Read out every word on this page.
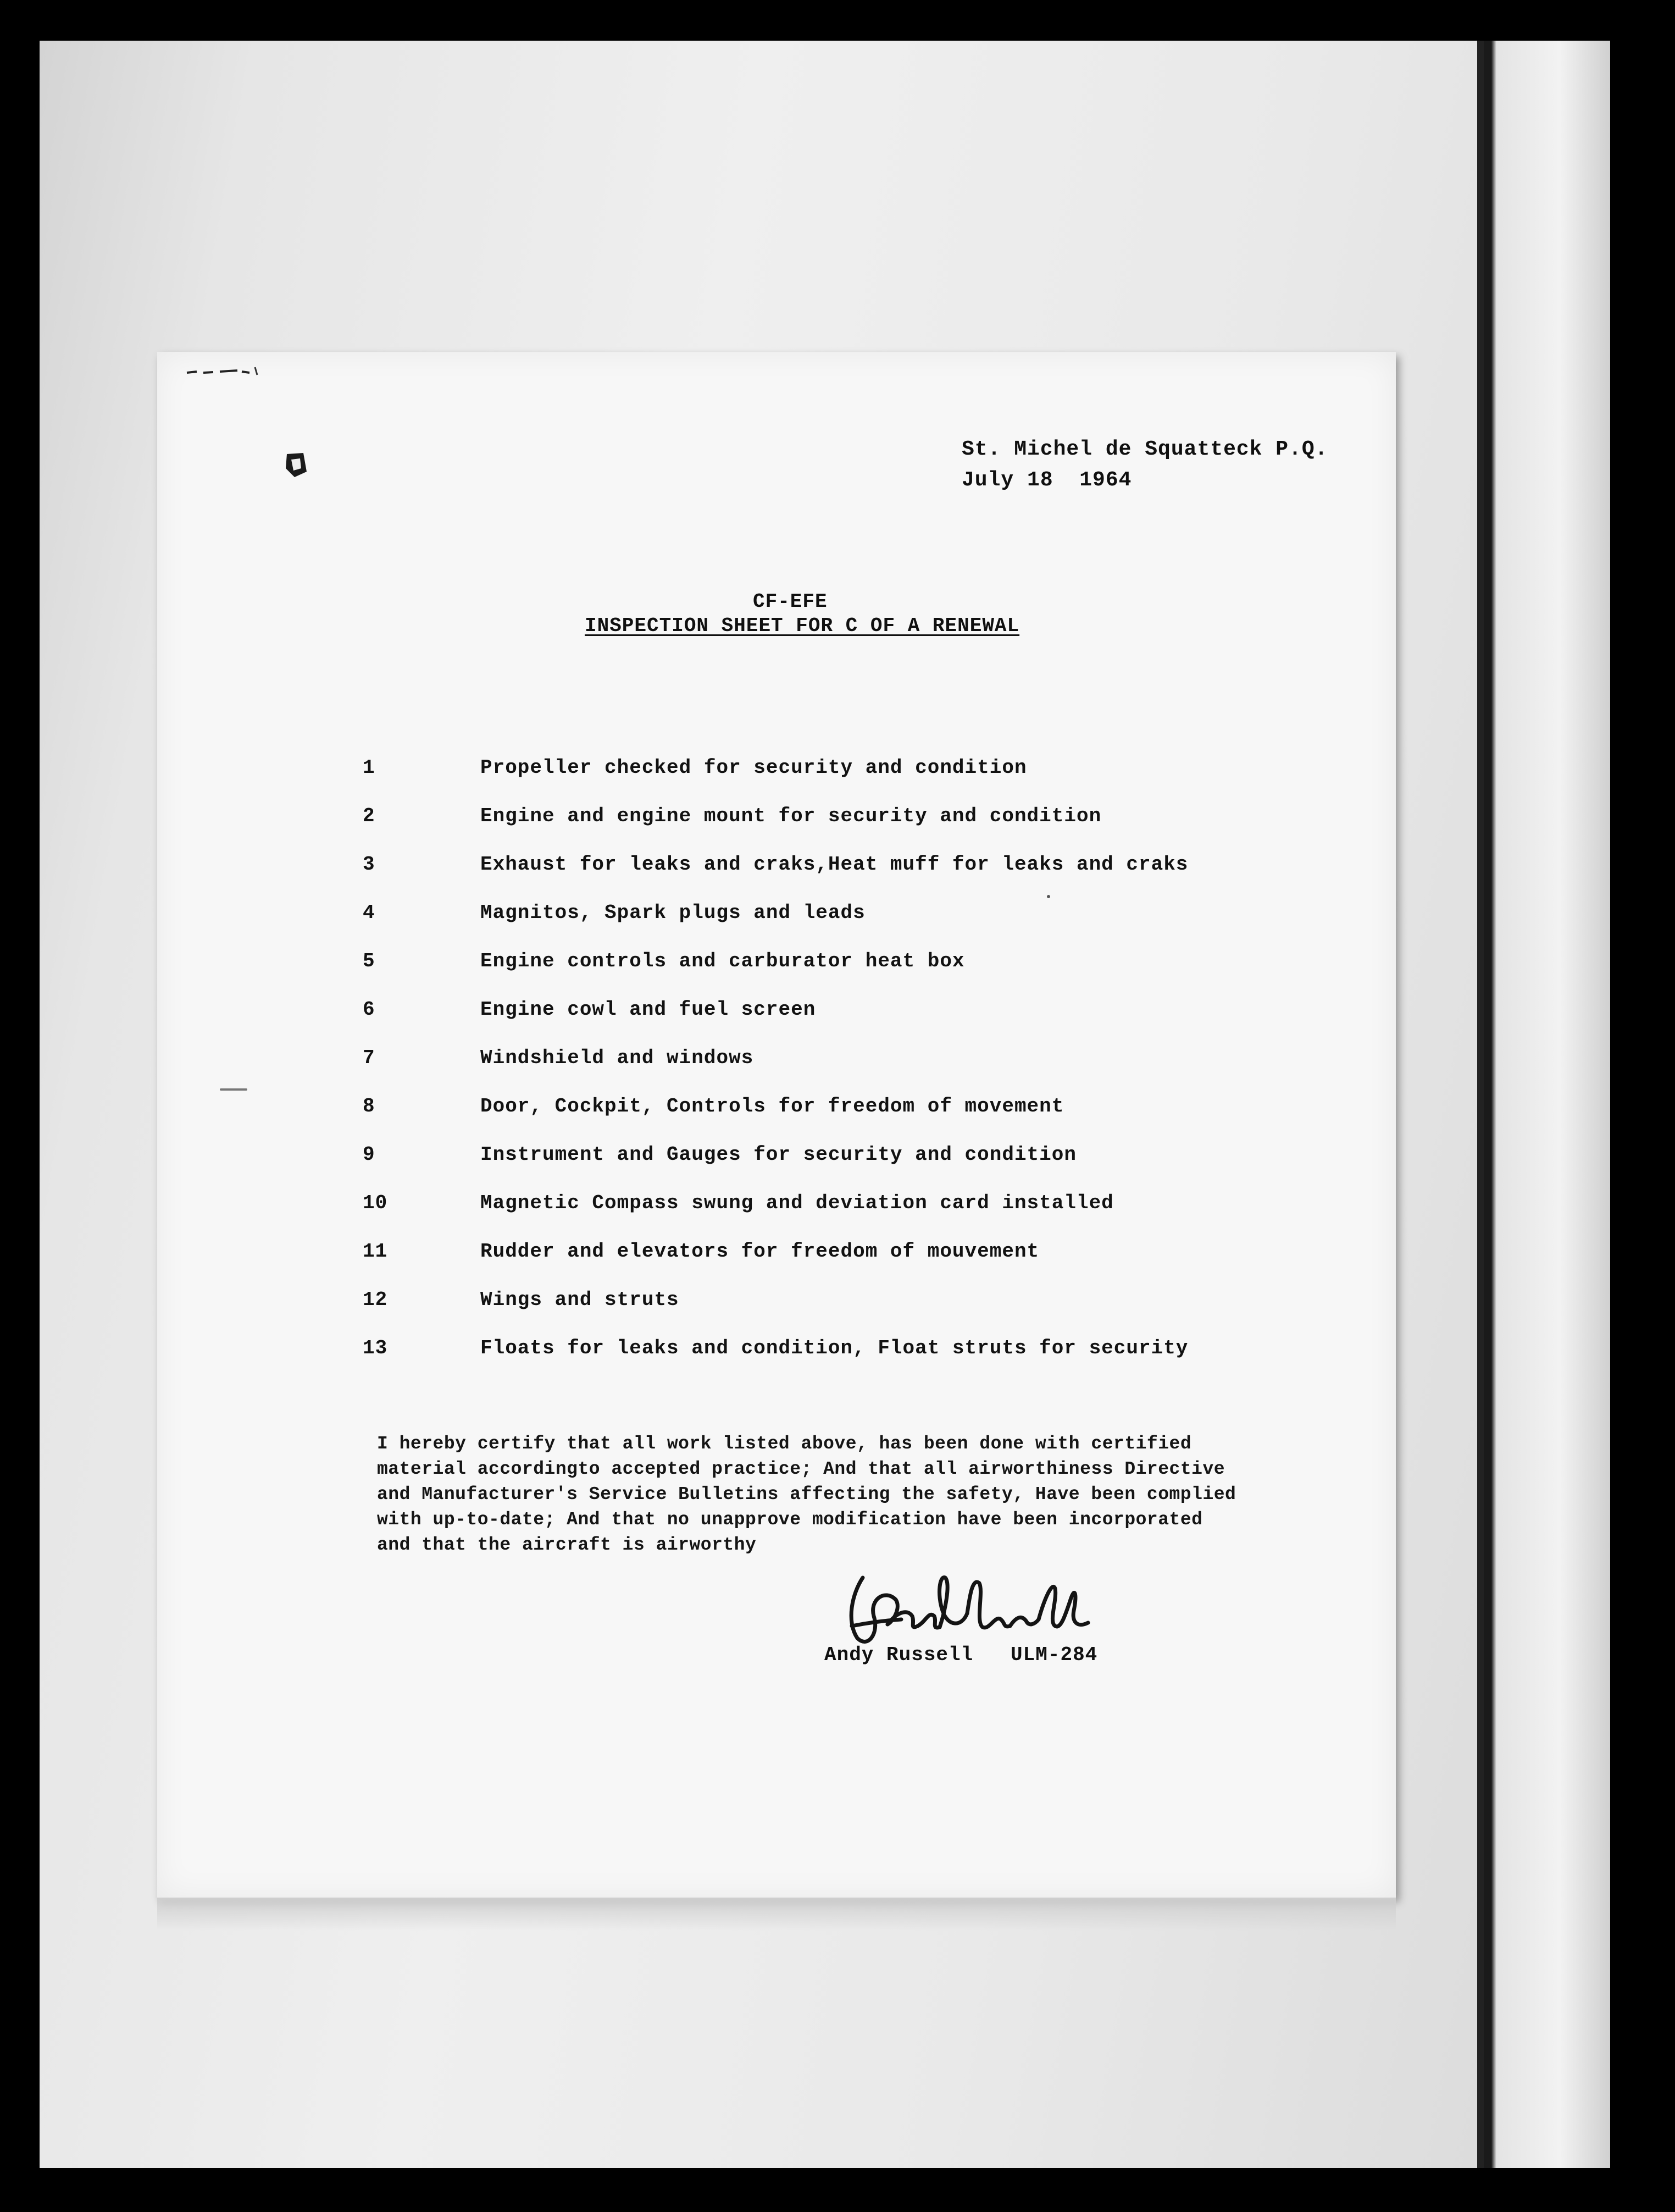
St. Michel de Squatteck P.Q.
July 18  1964
CF-EFE
INSPECTION SHEET FOR C OF A RENEWAL
1	Propeller checked for security and condition
2	Engine and engine mount for security and condition
3	Exhaust for leaks and craks,Heat muff for leaks and craks
4	Magnitos, Spark plugs and leads
5	Engine controls and carburator heat box
6	Engine cowl and fuel screen
7	Windshield and windows
8	Door, Cockpit, Controls for freedom of movement
9	Instrument and Gauges for security and condition
10	Magnetic Compass swung and deviation card installed
11	Rudder and elevators for freedom of mouvement
12	Wings and struts
13	Floats for leaks and condition, Float struts for security
I hereby certify that all work listed above, has been done with certified
material accordingto accepted practice; And that all airworthiness Directive
and Manufacturer's Service Bulletins affecting the safety, Have been complied
with up-to-date; And that no unapprove modification have been incorporated
and that the aircraft is airworthy
Andy Russell   ULM-284
